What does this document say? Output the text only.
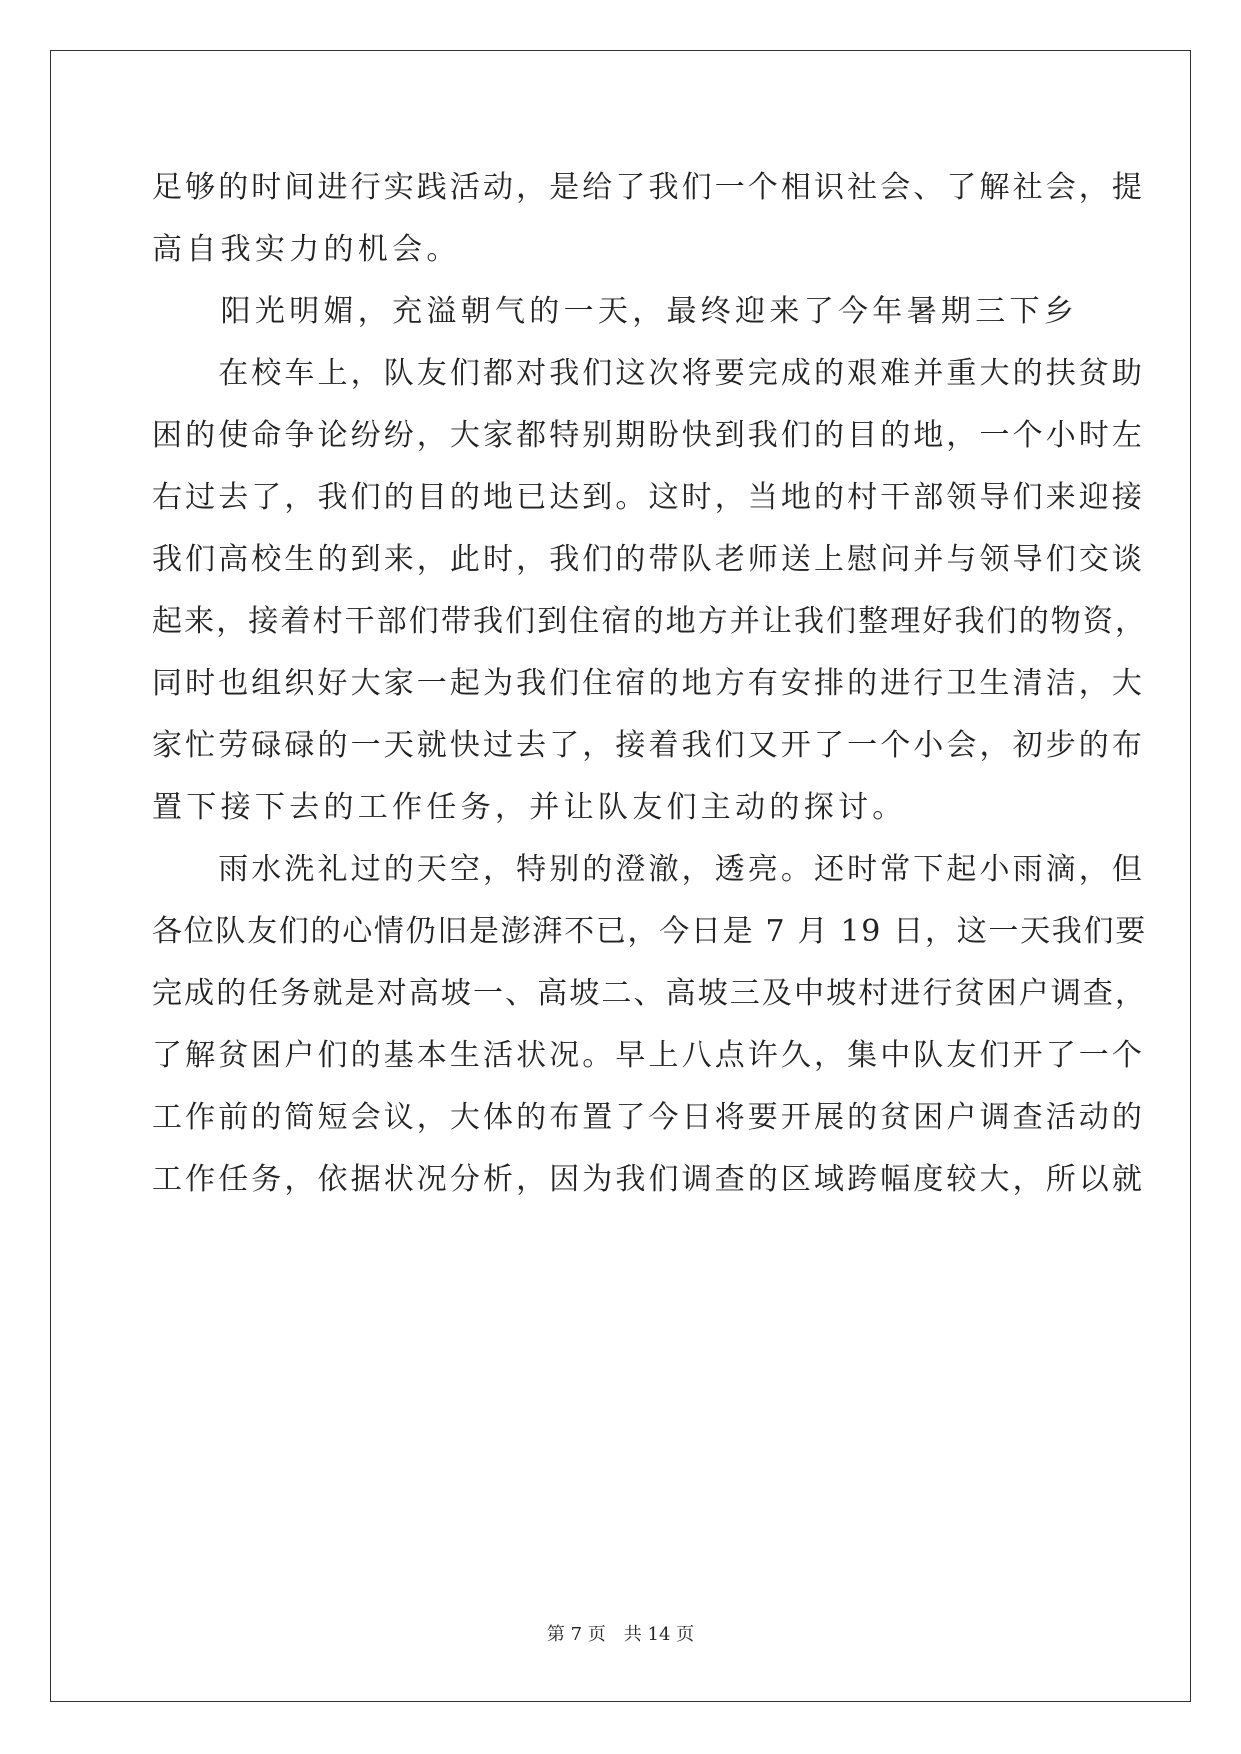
足够的时间进行实践活动，是给了我们一个相识社会、了解社会，提
高自我实力的机会。
　　阳光明媚，充溢朝气的一天，最终迎来了今年暑期三下乡
　　在校车上，队友们都对我们这次将要完成的艰难并重大的扶贫助
困的使命争论纷纷，大家都特别期盼快到我们的目的地，一个小时左
右过去了，我们的目的地已达到。这时，当地的村干部领导们来迎接
我们高校生的到来，此时，我们的带队老师送上慰问并与领导们交谈
起来，接着村干部们带我们到住宿的地方并让我们整理好我们的物资，
同时也组织好大家一起为我们住宿的地方有安排的进行卫生清洁，大
家忙劳碌碌的一天就快过去了，接着我们又开了一个小会，初步的布
置下接下去的工作任务，并让队友们主动的探讨。
　　雨水洗礼过的天空，特别的澄澈，透亮。还时常下起小雨滴，但
各位队友们的心情仍旧是澎湃不已，今日是 7 月 19 日，这一天我们要
完成的任务就是对高坡一、高坡二、高坡三及中坡村进行贫困户调查，
了解贫困户们的基本生活状况。早上八点许久，集中队友们开了一个
工作前的简短会议，大体的布置了今日将要开展的贫困户调查活动的
工作任务，依据状况分析，因为我们调查的区域跨幅度较大，所以就
第 7 页 共 14 页
